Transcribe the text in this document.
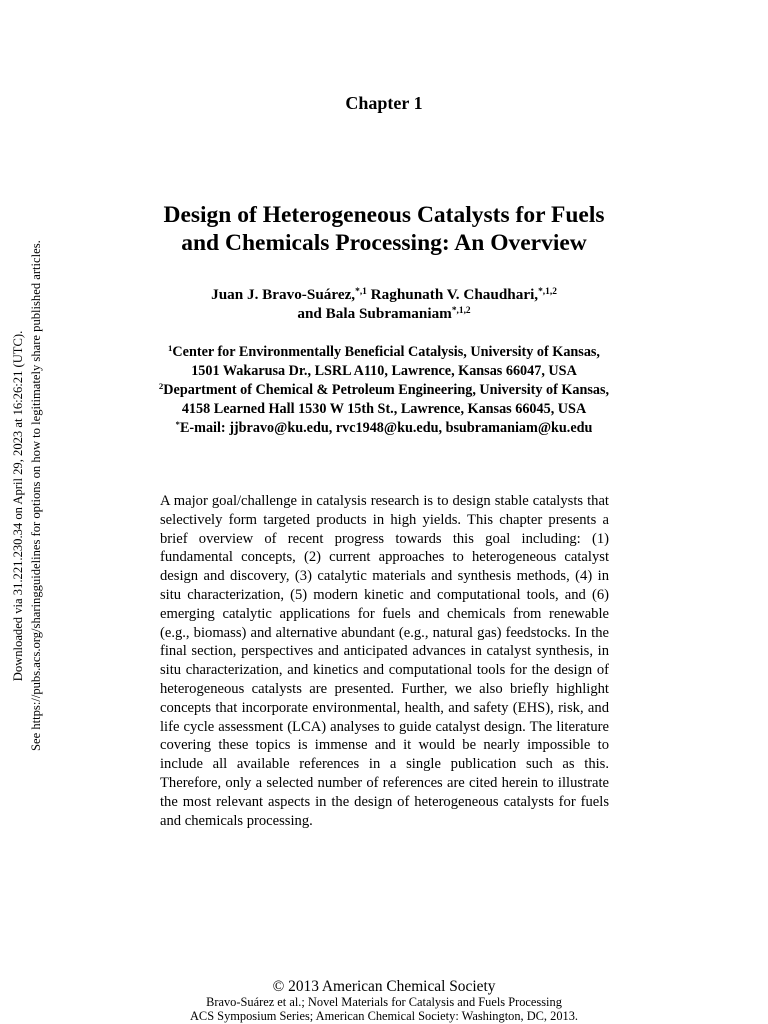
Downloaded via 31.221.230.34 on April 29, 2023 at 16:26:21 (UTC). See https://pubs.acs.org/sharingguidelines for options on how to legitimately share published articles.
Chapter 1
Design of Heterogeneous Catalysts for Fuels
and Chemicals Processing: An Overview
Juan J. Bravo-Suárez,$^{*,1}$ Raghunath V. Chaudhari,$^{*,1,2}$
and Bala Subramaniam$^{*,1,2}$
$^1$Center for Environmentally Beneficial Catalysis, University of Kansas,
1501 Wakarusa Dr., LSRL A110, Lawrence, Kansas 66047, USA
$^2$Department of Chemical & Petroleum Engineering, University of Kansas,
4158 Learned Hall 1530 W 15th St., Lawrence, Kansas 66045, USA
*E-mail: jjbravo@ku.edu, rvc1948@ku.edu, bsubramaniam@ku.edu
A major goal/challenge in catalysis research is to design stable catalysts that selectively form targeted products in high yields. This chapter presents a brief overview of recent progress towards this goal including: (1) fundamental concepts, (2) current approaches to heterogeneous catalyst design and discovery, (3) catalytic materials and synthesis methods, (4) in situ characterization, (5) modern kinetic and computational tools, and (6) emerging catalytic applications for fuels and chemicals from renewable (e.g., biomass) and alternative abundant (e.g., natural gas) feedstocks. In the final section, perspectives and anticipated advances in catalyst synthesis, in situ characterization, and kinetics and computational tools for the design of heterogeneous catalysts are presented. Further, we also briefly highlight concepts that incorporate environmental, health, and safety (EHS), risk, and life cycle assessment (LCA) analyses to guide catalyst design. The literature covering these topics is immense and it would be nearly impossible to include all available references in a single publication such as this. Therefore, only a selected number of references are cited herein to illustrate the most relevant aspects in the design of heterogeneous catalysts for fuels and chemicals processing.
© 2013 American Chemical Society
Bravo-Suárez et al.; Novel Materials for Catalysis and Fuels Processing
ACS Symposium Series; American Chemical Society: Washington, DC, 2013.
